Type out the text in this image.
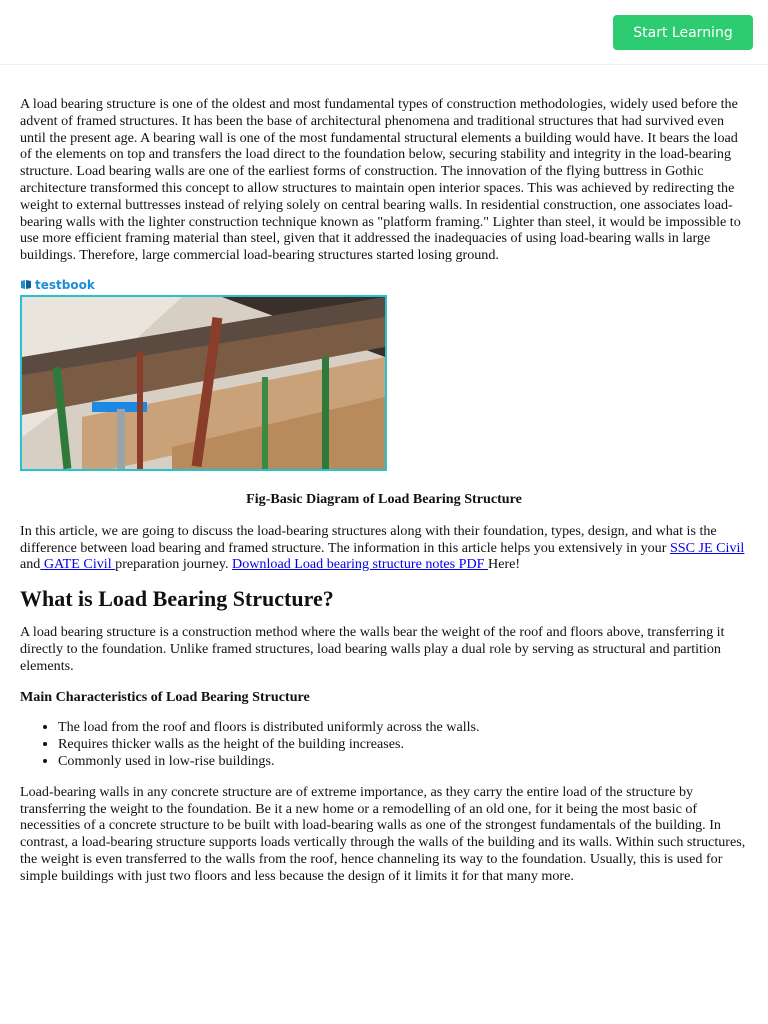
Start Learning

A load bearing structure is one of the oldest and most fundamental types of construction methodologies, widely used before the advent of framed structures. It has been the base of architectural phenomena and traditional structures that had survived even until the present age. A bearing wall is one of the most fundamental structural elements a building would have. It bears the load of the elements on top and transfers the load direct to the foundation below, securing stability and integrity in the load-bearing structure. Load bearing walls are one of the earliest forms of construction. The innovation of the flying buttress in Gothic architecture transformed this concept to allow structures to maintain open interior spaces. This was achieved by redirecting the weight to external buttresses instead of relying solely on central bearing walls. In residential construction, one associates load-bearing walls with the lighter construction technique known as "platform framing." Lighter than steel, it would be impossible to use more efficient framing material than steel, given that it addressed the inadequacies of using load-bearing walls in large buildings. Therefore, large commercial load-bearing structures started losing ground.

testbook

Fig-Basic Diagram of Load Bearing Structure

In this article, we are going to discuss the load-bearing structures along with their foundation, types, design, and what is the difference between load bearing and framed structure. The information in this article helps you extensively in your SSC JE Civil and GATE Civil preparation journey. Download Load bearing structure notes PDF Here!

What is Load Bearing Structure?

A load bearing structure is a construction method where the walls bear the weight of the roof and floors above, transferring it directly to the foundation. Unlike framed structures, load bearing walls play a dual role by serving as structural and partition elements.

Main Characteristics of Load Bearing Structure

• The load from the roof and floors is distributed uniformly across the walls.
• Requires thicker walls as the height of the building increases.
• Commonly used in low-rise buildings.

Load-bearing walls in any concrete structure are of extreme importance, as they carry the entire load of the structure by transferring the weight to the foundation. Be it a new home or a remodelling of an old one, for it being the most basic of necessities of a concrete structure to be built with load-bearing walls as one of the strongest fundamentals of the building. In contrast, a load-bearing structure supports loads vertically through the walls of the building and its walls. Within such structures, the weight is even transferred to the walls from the roof, hence channeling its way to the foundation. Usually, this is used for simple buildings with just two floors and less because the design of it limits it for that many more.
